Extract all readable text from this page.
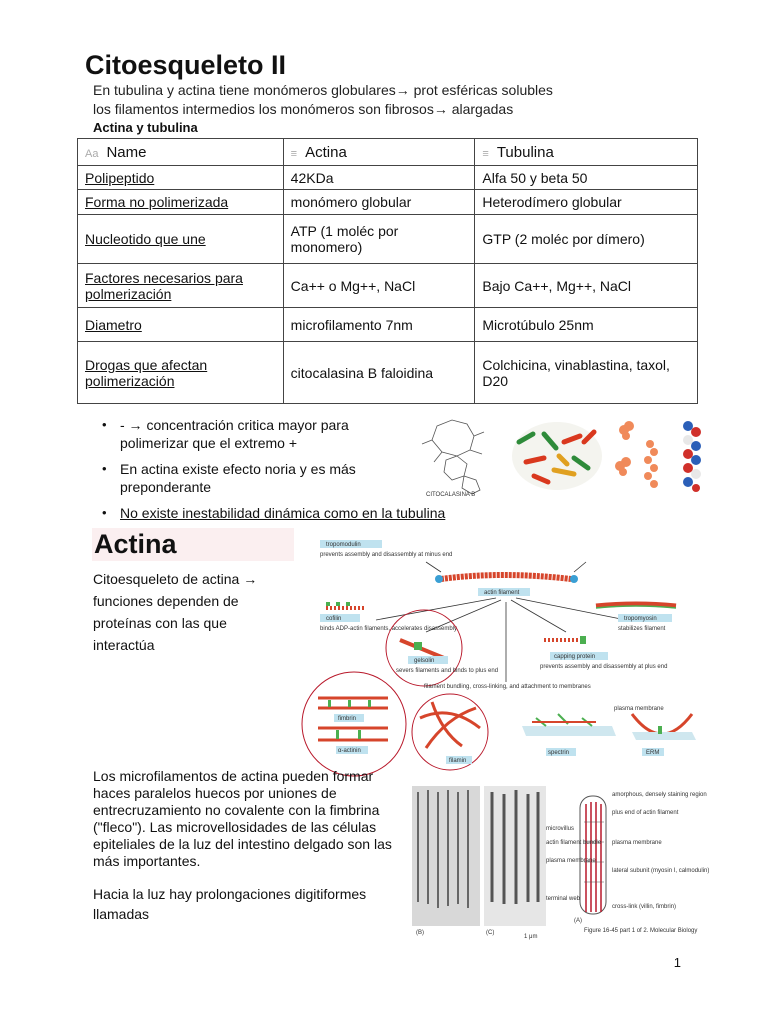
Citoesqueleto II
En tubulina y actina tiene monómeros globulares→ prot esféricas solubles
los filamentos intermedios los monómeros son fibrosos→ alargadas
Actina y tubulina
Aa Name	≡ Actina	≡ Tubulina
Polipeptido	42KDa	Alfa 50 y beta 50
Forma no polimerizada	monómero globular	Heterodímero globular
Nucleotido que une	ATP (1 moléc por monomero)	GTP (2 moléc por dímero)
Factores necesarios para polmerización	Ca++ o Mg++, NaCl	Bajo Ca++, Mg++, NaCl
Diametro	microfilamento 7nm	Microtúbulo 25nm
Drogas que afectan polimerización	citocalasina B faloidina	Colchicina, vinablastina, taxol, D20
• - → concentración critica mayor para polimerizar que el extremo +
• En actina existe efecto noria y es más preponderante
• No existe inestabilidad dinámica como en la tubulina
CITOCALASINA B
Actina
Citoesqueleto de actina → funciones dependen de proteínas con las que interactúa
tropomodulin
prevents assembly and disassembly at minus end
actin filament
cofilin
binds ADP-actin filaments, accelerates disassembly
tropomyosin
stabilizes filament
gelsolin
severs filaments and binds to plus end
capping protein
prevents assembly and disassembly at plus end
filament bundling, cross-linking, and attachment to membranes
fimbrin
α-actinin
filamin
spectrin
plasma membrane
ERM
Los microfilamentos de actina pueden formar haces paralelos huecos por uniones de entrecruzamiento no covalente con la fimbrina ("fleco"). Las microvellosidades de las células epiteliales de la luz del intestino delgado son las más importantes.
Hacia la luz hay prolongaciones digitiformes llamadas
(B)	(C)
1 μm
microvillus
actin filament bundle
plasma membrane
terminal web
amorphous, densely staining region
plus end of actin filament
plasma membrane
lateral subunit (myosin I, calmodulin)
cross-link (villin, fimbrin)
(A)
Figure 16-45 part 1 of 2. Molecular Biology
1
